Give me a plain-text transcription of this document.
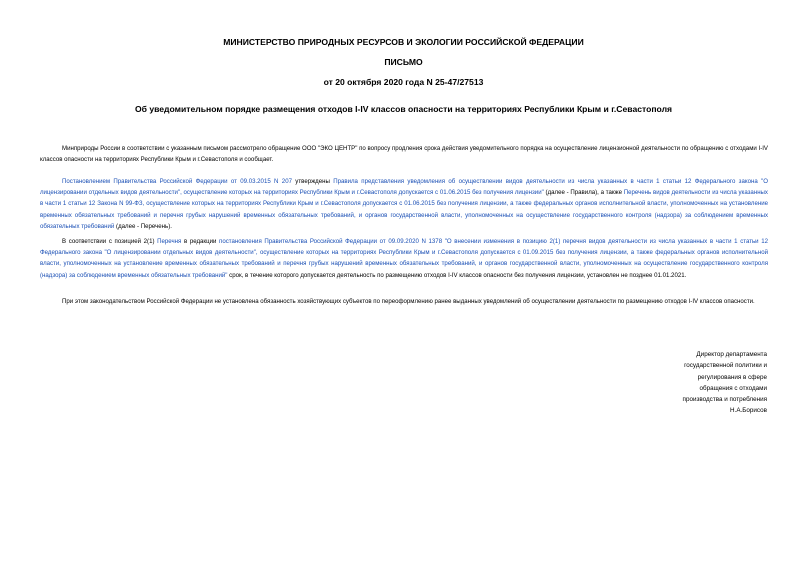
МИНИСТЕРСТВО ПРИРОДНЫХ РЕСУРСОВ И ЭКОЛОГИИ РОССИЙСКОЙ ФЕДЕРАЦИИ
ПИСЬМО
от 20 октября 2020 года N 25-47/27513
Об уведомительном порядке размещения отходов I-IV классов опасности на территориях Республики Крым и г.Севастополя
Минприроды России в соответствии с указанным письмом рассмотрело обращение ООО "ЭКО ЦЕНТР" по вопросу продления срока действия уведомительного порядка на осуществление лицензионной деятельности по обращению с отходами I-IV классов опасности на территориях Республики Крым и г.Севастополя и сообщает.
Постановлением Правительства Российской Федерации от 09.03.2015 N 207 утверждены Правила представления уведомления об осуществлении видов деятельности из числа указанных в части 1 статьи 12 Федерального закона "О лицензировании отдельных видов деятельности", осуществление которых на территориях Республики Крым и г.Севастополя допускается с 01.06.2015 без получения лицензии" (далее - Правила), а также Перечень видов деятельности из числа указанных в части 1 статьи 12 Закона N 99-ФЗ, осуществление которых на территориях Республики Крым и г.Севастополя допускается с 01.06.2015 без получения лицензии, а также федеральных органов исполнительной власти, уполномоченных на установление временных обязательных требований и перечня грубых нарушений временных обязательных требований, и органов государственной власти, уполномоченных на осуществление государственного контроля (надзора) за соблюдением временных обязательных требований (далее - Перечень).
В соответствии с позицией 2(1) Перечня в редакции постановления Правительства Российской Федерации от 09.09.2020 N 1378 "О внесении изменения в позицию 2(1) перечня видов деятельности из числа указанных в части 1 статьи 12 Федерального закона "О лицензировании отдельных видов деятельности", осуществление которых на территориях Республики Крым и г.Севастополя допускается с 01.09.2015 без получения лицензии, а также федеральных органов исполнительной власти, уполномоченных на установление временных обязательных требований и перечня грубых нарушений временных обязательных требований, и органов государственной власти, уполномоченных на осуществление государственного контроля (надзора) за соблюдением временных обязательных требований" срок, в течение которого допускается деятельность по размещению отходов I-IV классов опасности без получения лицензии, установлен не позднее 01.01.2021.
При этом законодательством Российской Федерации не установлена обязанность хозяйствующих субъектов по переоформлению ранее выданных уведомлений об осуществлении деятельности по размещению отходов I-IV классов опасности.
Директор департамента
государственной политики и
регулирования в сфере
обращения с отходами
производства и потребления
Н.А.Борисов
